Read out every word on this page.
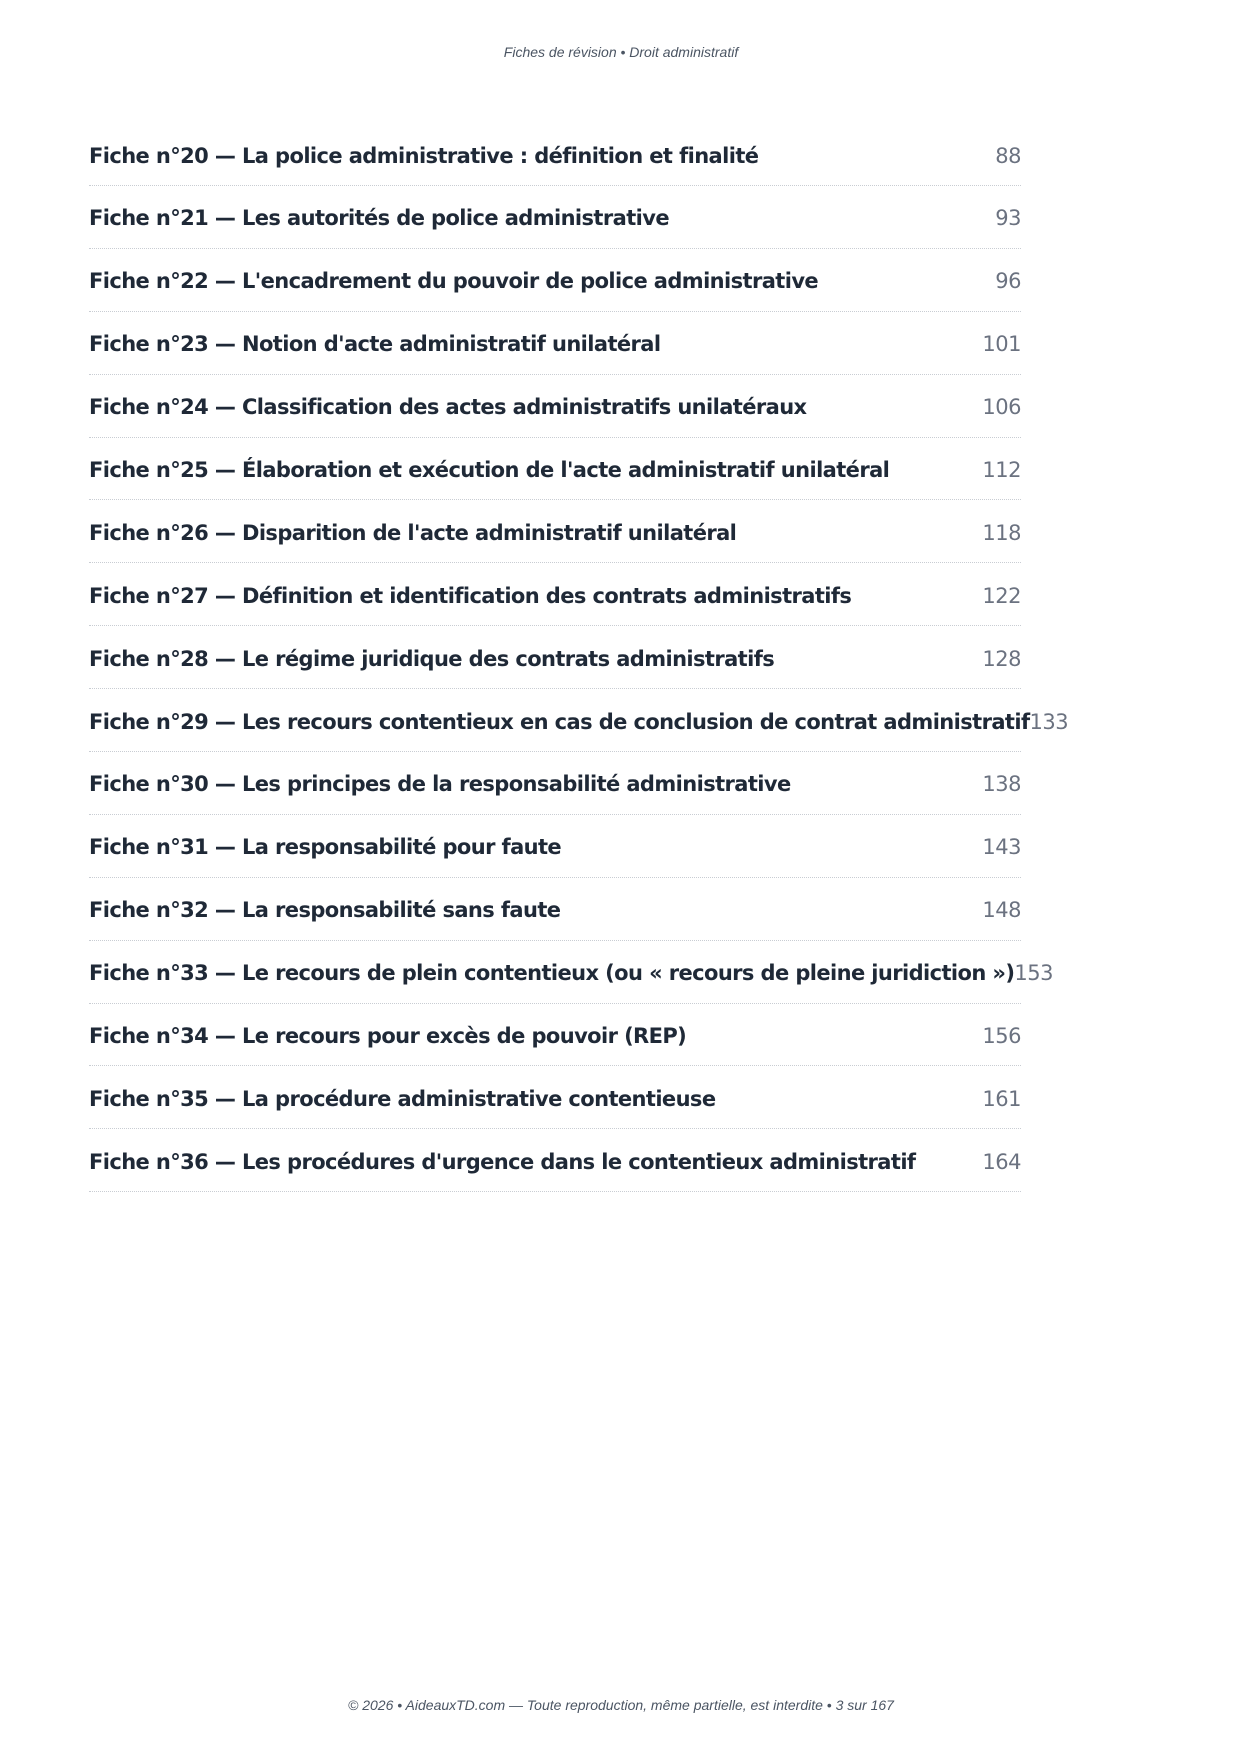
Fiches de révision • Droit administratif
Fiche n°20 — La police administrative : définition et finalité	88
Fiche n°21 — Les autorités de police administrative	93
Fiche n°22 — L'encadrement du pouvoir de police administrative	96
Fiche n°23 — Notion d'acte administratif unilatéral	101
Fiche n°24 — Classification des actes administratifs unilatéraux	106
Fiche n°25 — Élaboration et exécution de l'acte administratif unilatéral	112
Fiche n°26 — Disparition de l'acte administratif unilatéral	118
Fiche n°27 — Définition et identification des contrats administratifs	122
Fiche n°28 — Le régime juridique des contrats administratifs	128
Fiche n°29 — Les recours contentieux en cas de conclusion de contrat administratif 133
Fiche n°30 — Les principes de la responsabilité administrative	138
Fiche n°31 — La responsabilité pour faute	143
Fiche n°32 — La responsabilité sans faute	148
Fiche n°33 — Le recours de plein contentieux (ou « recours de pleine juridiction ») 153
Fiche n°34 — Le recours pour excès de pouvoir (REP)	156
Fiche n°35 — La procédure administrative contentieuse	161
Fiche n°36 — Les procédures d'urgence dans le contentieux administratif	164
© 2026 • AideauxTD.com — Toute reproduction, même partielle, est interdite • 3 sur 167
